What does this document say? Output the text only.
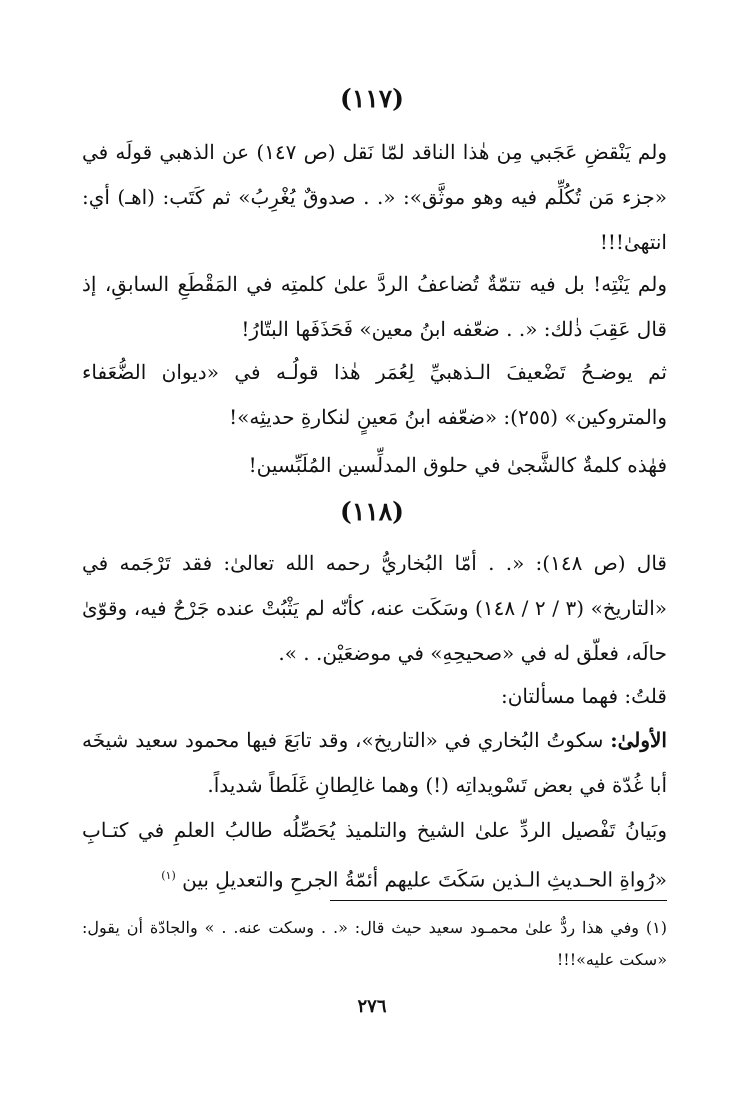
(١١٧)
ولم يَنْقضِ عَجَبي مِن هٰذا الناقد لمّا نَقل (ص ١٤٧) عن الذهبي قولَه في «جزء مَن تُكُلِّم فيه وهو موثَّق»: «. . صدوقٌ يُغْرِبُ» ثم كَتَب: (اهـ) أي: انتهىٰ!!!
ولم يَنْتِه! بل فيه تتمّةٌ تُضاعفُ الردَّ علىٰ كلمتِه في المَقْطَعِ السابقِ، إذ قال عَقِبَ ذٰلك: «. . ضعّفه ابنُ معين» فَحَذَفَها البتّارُ!
ثم يوضـحُ تَضْعيفَ الـذهبيِّ لِعُمَر هٰذا قولُـه في «ديوان الضُّعَفاء والمتروكين» (٢٥٥): «ضعّفه ابنُ مَعينٍ لنكارةِ حديثِه»!
فهٰذه كلمةٌ كالشَّجىٰ في حلوق المدلِّسين المُلَبِّسين!
(١١٨)
قال (ص ١٤٨): «. . أمّا البُخاريُّ رحمه الله تعالىٰ: فقد تَرْجَمه في «التاريخ» (٣ / ٢ / ١٤٨) وسَكَت عنه، كأنّه لم يَثْبُتْ عنده جَرْحٌ فيه، وقوّىٰ حالَه، فعلّق له في «صحيحِهِ» في موضعَيْن. . ».
قلتُ: فهما مسألتان:
الأولىٰ: سكوتُ البُخاري في «التاريخ»، وقد تابَعَ فيها محمود سعيد شيخَه أبا غُدّة في بعض تَسْويداتِه (!) وهما غالِطانِ غَلَطاً شديداً.
وبَيانُ تَفْصيل الردِّ علىٰ الشيخ والتلميذ يُحَصِّلُه طالبُ العلمِ في كتـابِ «رُواةِ الحـديثِ الـذين سَكَتَ عليهم أئمّةُ الجرحِ والتعديلِ بين $^{(١)}$
(١) وفي هذا ردٌّ علىٰ محمـود سعيد حيث قال: «. . وسكت عنه. . » والجادّة أن يقول: «سكت عليه»!!!
٢٧٦
